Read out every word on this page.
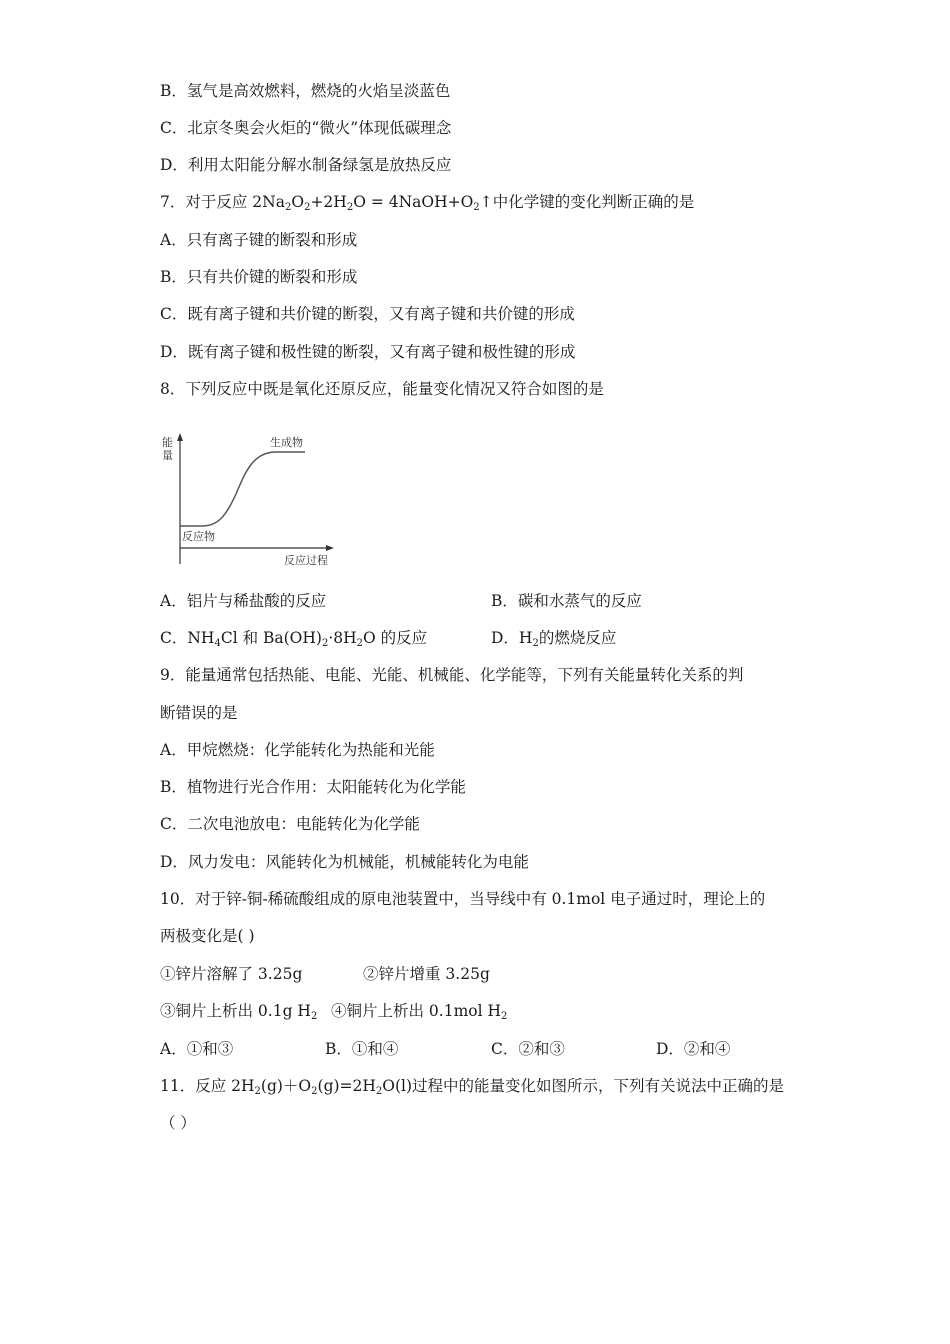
B．氢气是高效燃料，燃烧的火焰呈淡蓝色
C．北京冬奥会火炬的“微火”体现低碳理念
D．利用太阳能分解水制备绿氢是放热反应
7．对于反应 $2Na_2O_2+2H_2O$ = $4NaOH+O_2↑$中化学键的变化判断正确的是
A．只有离子键的断裂和形成
B．只有共价键的断裂和形成
C．既有离子键和共价键的断裂，又有离子键和共价键的形成
D．既有离子键和极性键的断裂，又有离子键和极性键的形成
8．下列反应中既是氧化还原反应，能量变化情况又符合如图的是
能
量
生成物
反应物
反应过程
A．铝片与稀盐酸的反应	B．碳和水蒸气的反应
C．$NH_4Cl$ 和 $Ba(OH)_2\cdot 8H_2O$ 的反应	D．$H_2$的燃烧反应
9．能量通常包括热能、电能、光能、机械能、化学能等，下列有关能量转化关系的判
断错误的是
A．甲烷燃烧：化学能转化为热能和光能
B．植物进行光合作用：太阳能转化为化学能
C．二次电池放电：电能转化为化学能
D．风力发电：风能转化为机械能，机械能转化为电能
10．对于锌-铜-稀硫酸组成的原电池装置中，当导线中有 0.1mol 电子通过时，理论上的
两极变化是( )
①锌片溶解了 3.25g	②锌片增重 3.25g
③铜片上析出 0.1g $H_2$ ④铜片上析出 0.1mol $H_2$
A．①和③	B．①和④	C．②和③	D．②和④
11．反应 $2H_2(g)+O_2(g)=2H_2O(l)$过程中的能量变化如图所示，下列有关说法中正确的是
（ ）
